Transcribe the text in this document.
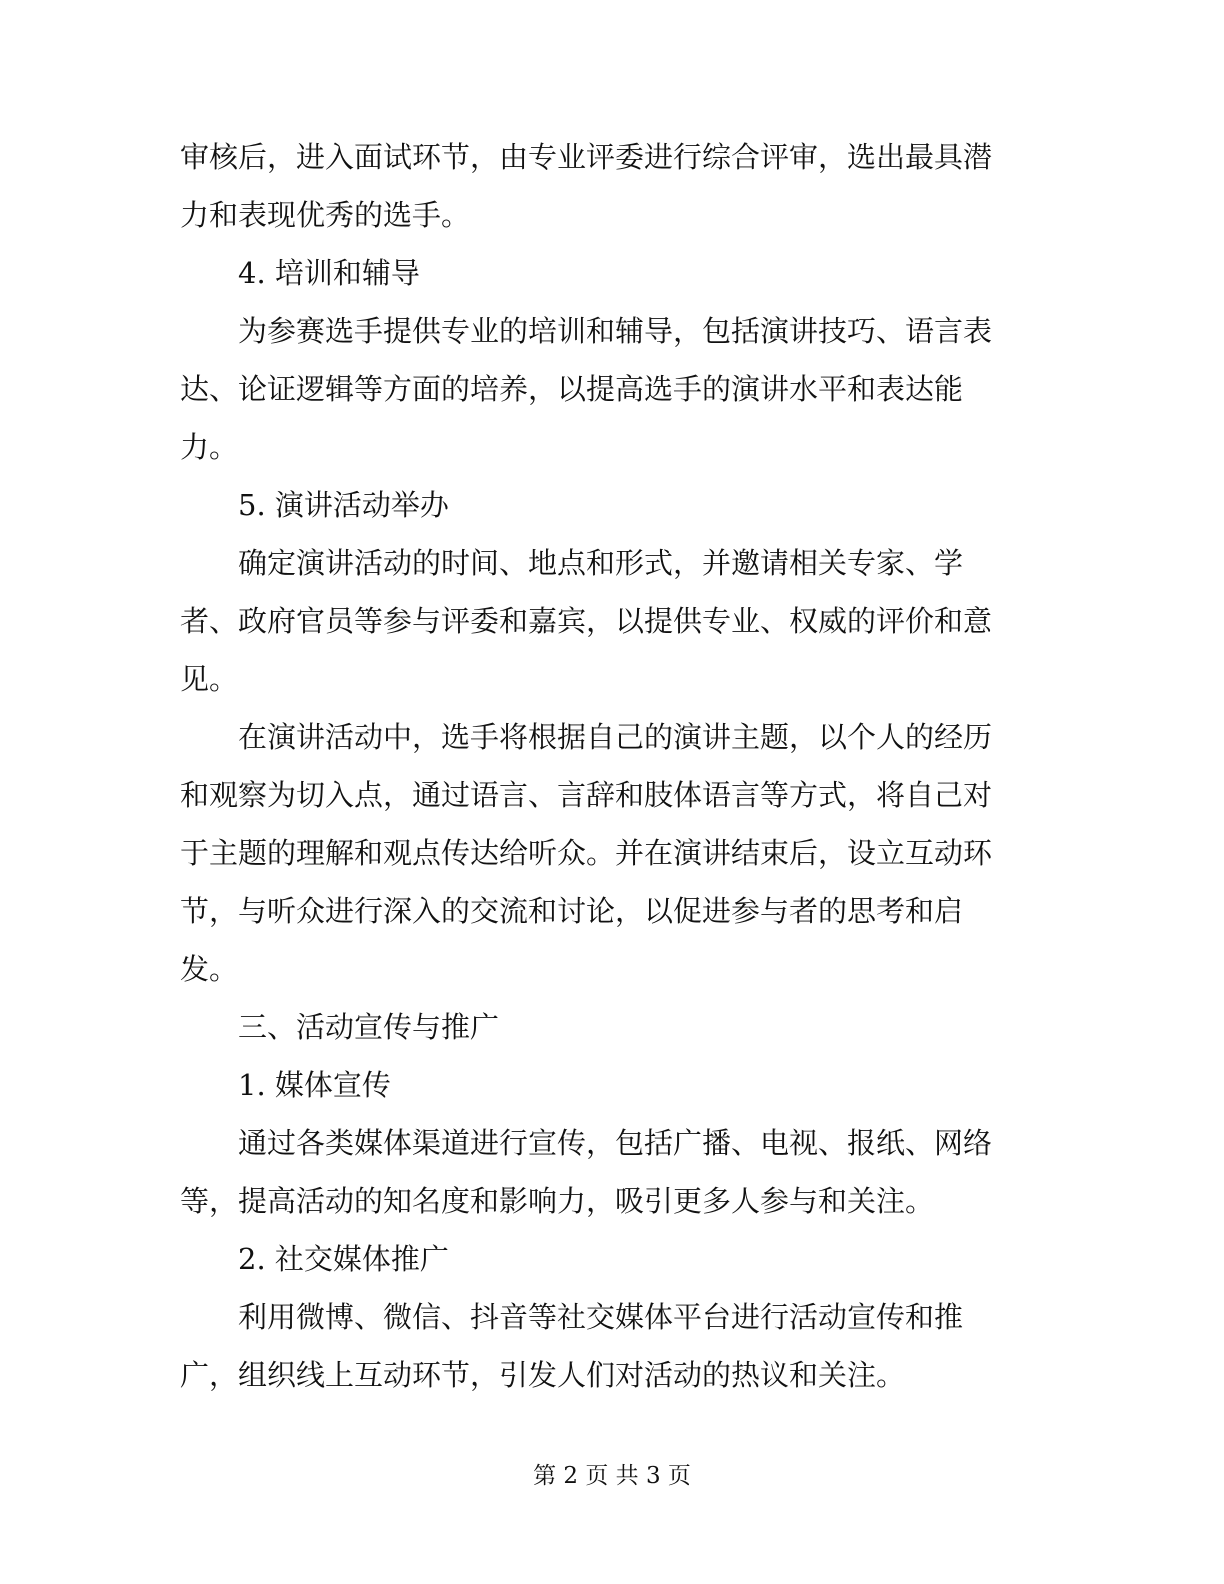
审核后，进入面试环节，由专业评委进行综合评审，选出最具潜
力和表现优秀的选手。
4. 培训和辅导
为参赛选手提供专业的培训和辅导，包括演讲技巧、语言表
达、论证逻辑等方面的培养，以提高选手的演讲水平和表达能
力。
5. 演讲活动举办
确定演讲活动的时间、地点和形式，并邀请相关专家、学
者、政府官员等参与评委和嘉宾，以提供专业、权威的评价和意
见。
在演讲活动中，选手将根据自己的演讲主题，以个人的经历
和观察为切入点，通过语言、言辞和肢体语言等方式，将自己对
于主题的理解和观点传达给听众。并在演讲结束后，设立互动环
节，与听众进行深入的交流和讨论，以促进参与者的思考和启
发。
三、活动宣传与推广
1. 媒体宣传
通过各类媒体渠道进行宣传，包括广播、电视、报纸、网络
等，提高活动的知名度和影响力，吸引更多人参与和关注。
2. 社交媒体推广
利用微博、微信、抖音等社交媒体平台进行活动宣传和推
广，组织线上互动环节，引发人们对活动的热议和关注。
第 2 页 共 3 页
